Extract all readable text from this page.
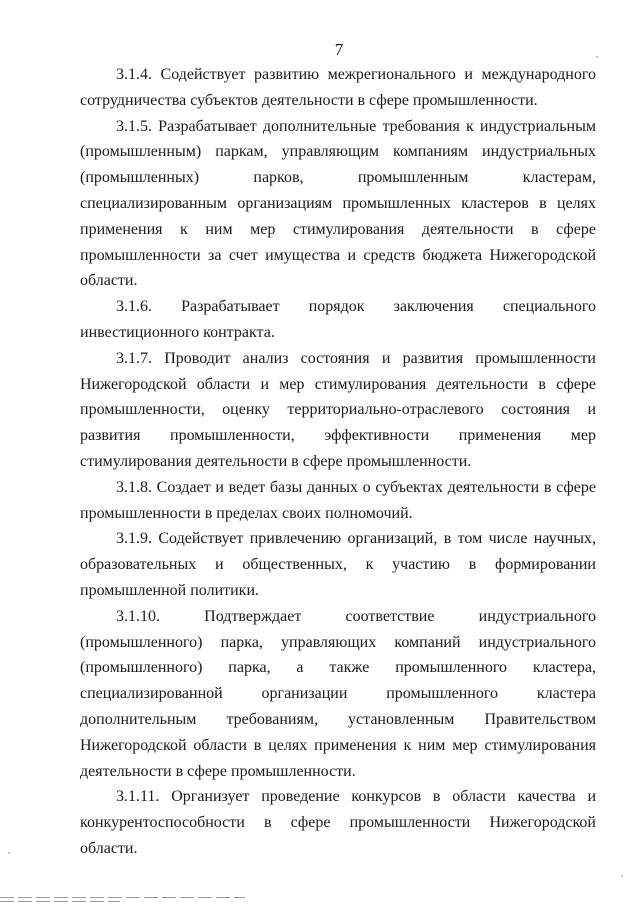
7

3.1.4. Содействует развитию межрегионального и международного сотрудничества субъектов деятельности в сфере промышленности.

3.1.5. Разрабатывает дополнительные требования к индустриальным (промышленным) паркам, управляющим компаниям индустриальных (промышленных) парков, промышленным кластерам, специализированным организациям промышленных кластеров в целях применения к ним мер стимулирования деятельности в сфере промышленности за счет имущества и средств бюджета Нижегородской области.

3.1.6. Разрабатывает порядок заключения специального инвестиционного контракта.

3.1.7. Проводит анализ состояния и развития промышленности Нижегородской области и мер стимулирования деятельности в сфере промышленности, оценку территориально-отраслевого состояния и развития промышленности, эффективности применения мер стимулирования деятельности в сфере промышленности.

3.1.8. Создает и ведет базы данных о субъектах деятельности в сфере промышленности в пределах своих полномочий.

3.1.9. Содействует привлечению организаций, в том числе научных, образовательных и общественных, к участию в формировании промышленной политики.

3.1.10. Подтверждает соответствие индустриального (промышленного) парка, управляющих компаний индустриального (промышленного) парка, а также промышленного кластера, специализированной организации промышленного кластера дополнительным требованиям, установленным Правительством Нижегородской области в целях применения к ним мер стимулирования деятельности в сфере промышленности.

3.1.11. Организует проведение конкурсов в области качества и конкурентоспособности в сфере промышленности Нижегородской области.
